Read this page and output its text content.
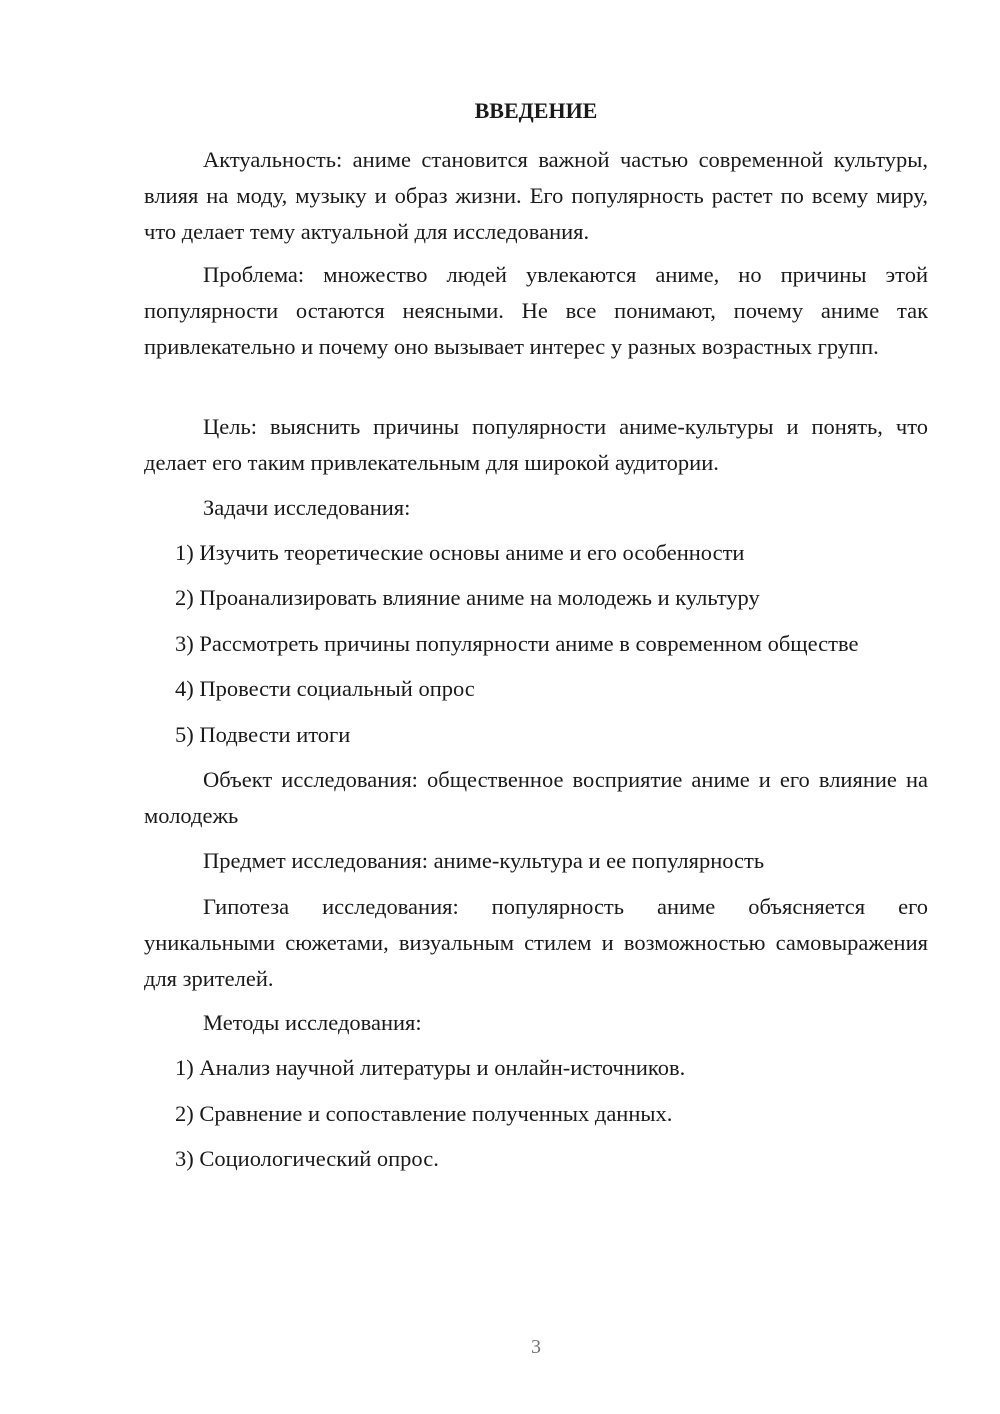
ВВЕДЕНИЕ

Актуальность: аниме становится важной частью современной культуры, влияя на моду, музыку и образ жизни. Его популярность растет по всему миру, что делает тему актуальной для исследования.

Проблема: множество людей увлекаются аниме, но причины этой популярности остаются неясными. Не все понимают, почему аниме так привлекательно и почему оно вызывает интерес у разных возрастных групп.

Цель: выяснить причины популярности аниме-культуры и понять, что делает его таким привлекательным для широкой аудитории.

Задачи исследования:

1) Изучить теоретические основы аниме и его особенности

2) Проанализировать влияние аниме на молодежь и культуру

3) Рассмотреть причины популярности аниме в современном обществе

4) Провести социальный опрос

5) Подвести итоги

Объект исследования: общественное восприятие аниме и его влияние на молодежь

Предмет исследования: аниме-культура и ее популярность

Гипотеза исследования: популярность аниме объясняется его уникальными сюжетами, визуальным стилем и возможностью самовыражения для зрителей.

Методы исследования:

1) Анализ научной литературы и онлайн-источников.

2) Сравнение и сопоставление полученных данных.

3) Социологический опрос.

3
